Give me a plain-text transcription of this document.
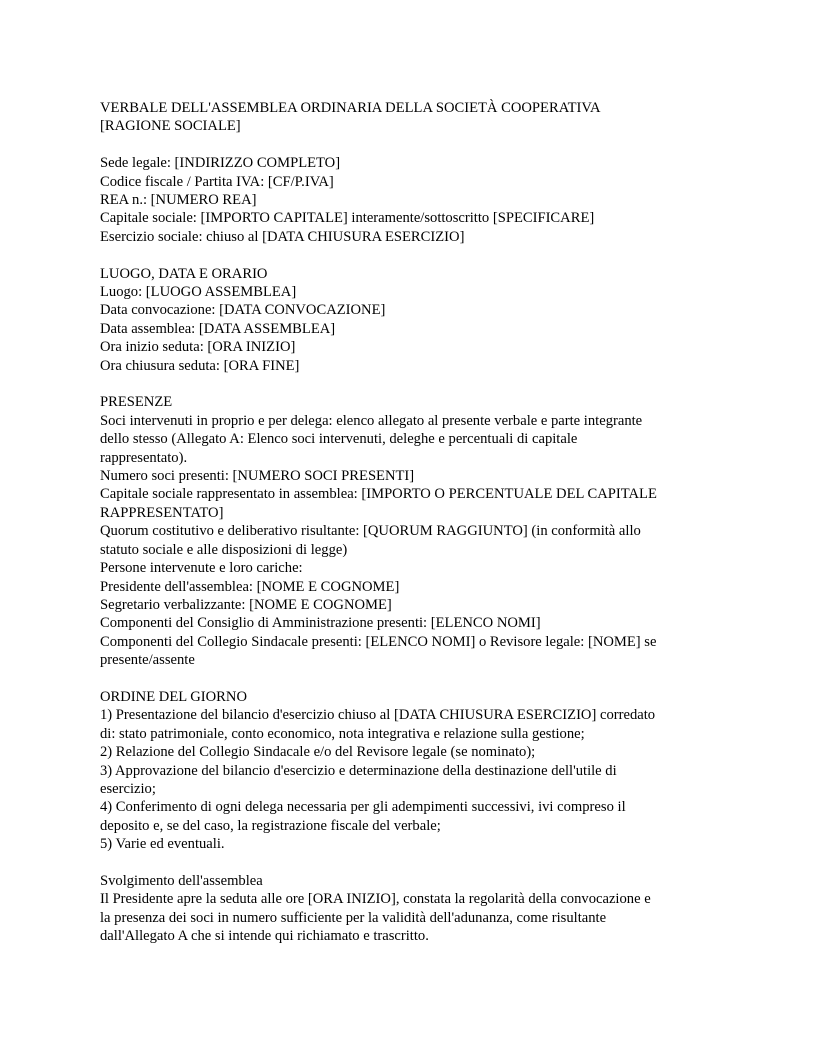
VERBALE DELL'ASSEMBLEA ORDINARIA DELLA SOCIETÀ COOPERATIVA
[RAGIONE SOCIALE]
Sede legale: [INDIRIZZO COMPLETO]
Codice fiscale / Partita IVA: [CF/P.IVA]
REA n.: [NUMERO REA]
Capitale sociale: [IMPORTO CAPITALE] interamente/sottoscritto [SPECIFICARE]
Esercizio sociale: chiuso al [DATA CHIUSURA ESERCIZIO]
LUOGO, DATA E ORARIO
Luogo: [LUOGO ASSEMBLEA]
Data convocazione: [DATA CONVOCAZIONE]
Data assemblea: [DATA ASSEMBLEA]
Ora inizio seduta: [ORA INIZIO]
Ora chiusura seduta: [ORA FINE]
PRESENZE
Soci intervenuti in proprio e per delega: elenco allegato al presente verbale e parte integrante
dello stesso (Allegato A: Elenco soci intervenuti, deleghe e percentuali di capitale
rappresentato).
Numero soci presenti: [NUMERO SOCI PRESENTI]
Capitale sociale rappresentato in assemblea: [IMPORTO O PERCENTUALE DEL CAPITALE
RAPPRESENTATO]
Quorum costitutivo e deliberativo risultante: [QUORUM RAGGIUNTO] (in conformità allo
statuto sociale e alle disposizioni di legge)
Persone intervenute e loro cariche:
Presidente dell'assemblea: [NOME E COGNOME]
Segretario verbalizzante: [NOME E COGNOME]
Componenti del Consiglio di Amministrazione presenti: [ELENCO NOMI]
Componenti del Collegio Sindacale presenti: [ELENCO NOMI] o Revisore legale: [NOME] se
presente/assente
ORDINE DEL GIORNO
1) Presentazione del bilancio d'esercizio chiuso al [DATA CHIUSURA ESERCIZIO] corredato
di: stato patrimoniale, conto economico, nota integrativa e relazione sulla gestione;
2) Relazione del Collegio Sindacale e/o del Revisore legale (se nominato);
3) Approvazione del bilancio d'esercizio e determinazione della destinazione dell'utile di
esercizio;
4) Conferimento di ogni delega necessaria per gli adempimenti successivi, ivi compreso il
deposito e, se del caso, la registrazione fiscale del verbale;
5) Varie ed eventuali.
Svolgimento dell'assemblea
Il Presidente apre la seduta alle ore [ORA INIZIO], constata la regolarità della convocazione e
la presenza dei soci in numero sufficiente per la validità dell'adunanza, come risultante
dall'Allegato A che si intende qui richiamato e trascritto.
